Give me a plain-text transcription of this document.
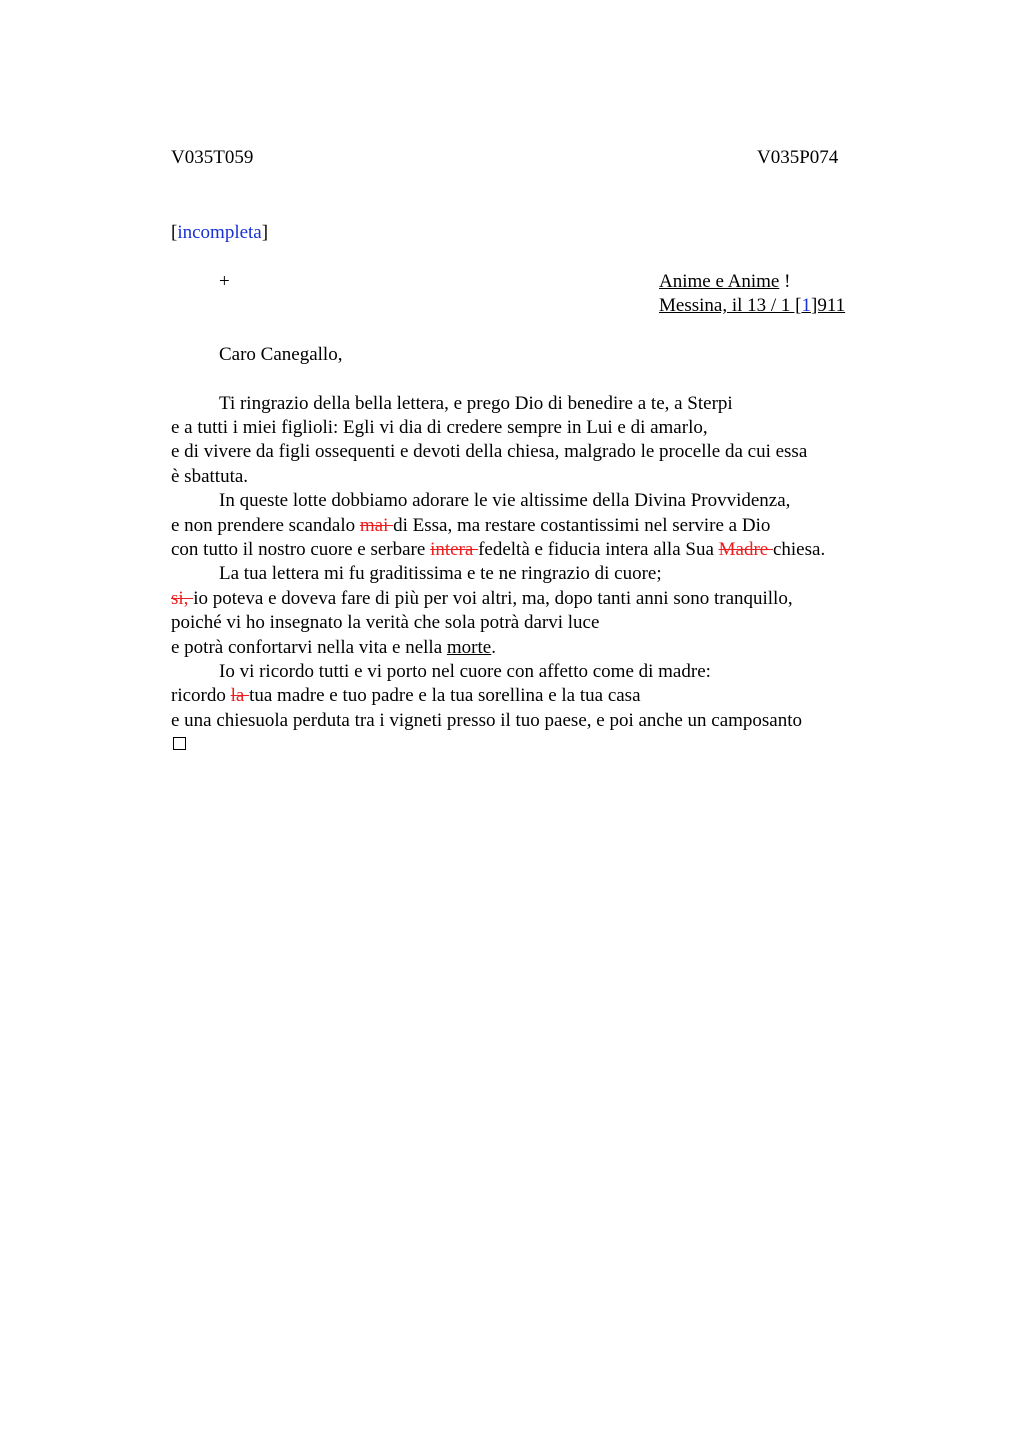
V035T059	V035P074
[incompleta]
+	Anime e Anime !
Messina, il 13 / 1 [1]911
Caro Canegallo,
Ti ringrazio della bella lettera, e prego Dio di benedire a te, a Sterpi
e a tutti i miei figlioli: Egli vi dia di credere sempre in Lui e di amarlo,
e di vivere da figli ossequenti e devoti della chiesa, malgrado le procelle da cui essa
è sbattuta.
In queste lotte dobbiamo adorare le vie altissime della Divina Provvidenza,
e non prendere scandalo mai di Essa, ma restare costantissimi nel servire a Dio
con tutto il nostro cuore e serbare intera fedeltà e fiducia intera alla Sua Madre chiesa.
La tua lettera mi fu graditissima e te ne ringrazio di cuore;
si, io poteva e doveva fare di più per voi altri, ma, dopo tanti anni sono tranquillo,
poiché vi ho insegnato la verità che sola potrà darvi luce
e potrà confortarvi nella vita e nella morte.
Io vi ricordo tutti e vi porto nel cuore con affetto come di madre:
ricordo la tua madre e tuo padre e la tua sorellina e la tua casa
e una chiesuola perduta tra i vigneti presso il tuo paese, e poi anche un camposanto
